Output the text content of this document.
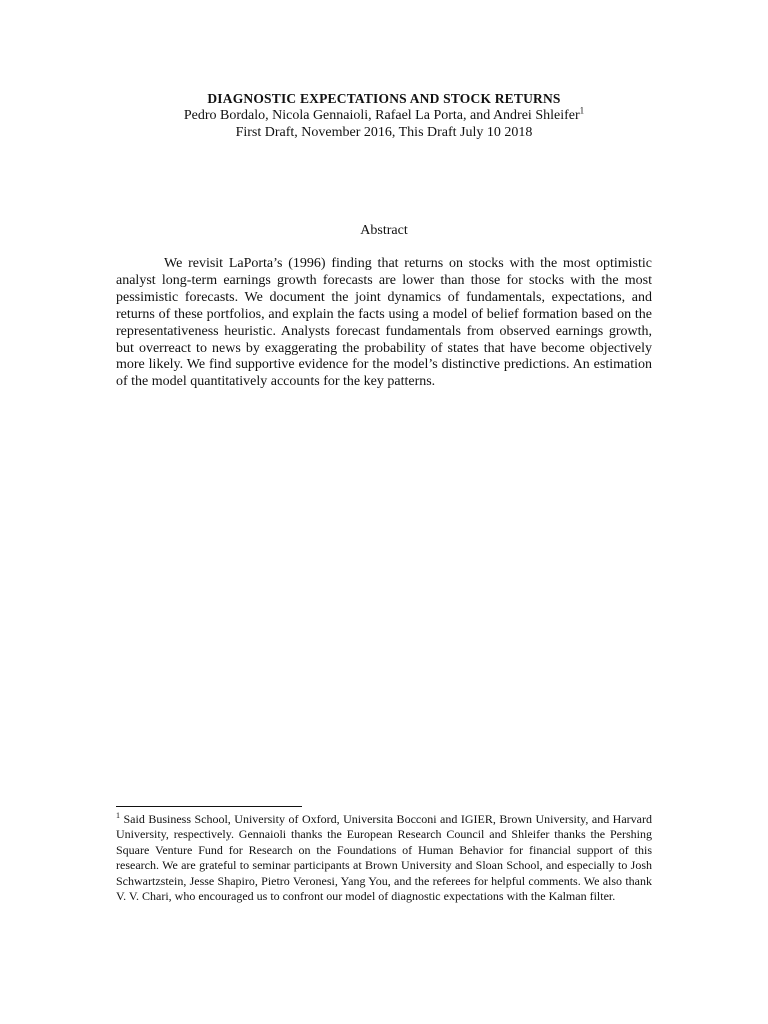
DIAGNOSTIC EXPECTATIONS AND STOCK RETURNS
Pedro Bordalo, Nicola Gennaioli, Rafael La Porta, and Andrei Shleifer$^1$
First Draft, November 2016, This Draft July 10 2018
Abstract

We revisit LaPorta’s (1996) finding that returns on stocks with the most optimistic analyst long-term earnings growth forecasts are lower than those for stocks with the most pessimistic forecasts. We document the joint dynamics of fundamentals, expectations, and returns of these portfolios, and explain the facts using a model of belief formation based on the representativeness heuristic. Analysts forecast fundamentals from observed earnings growth, but overreact to news by exaggerating the probability of states that have become objectively more likely. We find supportive evidence for the model’s distinctive predictions. An estimation of the model quantitatively accounts for the key patterns.

$^1$ Said Business School, University of Oxford, Universita Bocconi and IGIER, Brown University, and Harvard University, respectively. Gennaioli thanks the European Research Council and Shleifer thanks the Pershing Square Venture Fund for Research on the Foundations of Human Behavior for financial support of this research. We are grateful to seminar participants at Brown University and Sloan School, and especially to Josh Schwartzstein, Jesse Shapiro, Pietro Veronesi, Yang You, and the referees for helpful comments. We also thank V. V. Chari, who encouraged us to confront our model of diagnostic expectations with the Kalman filter.
